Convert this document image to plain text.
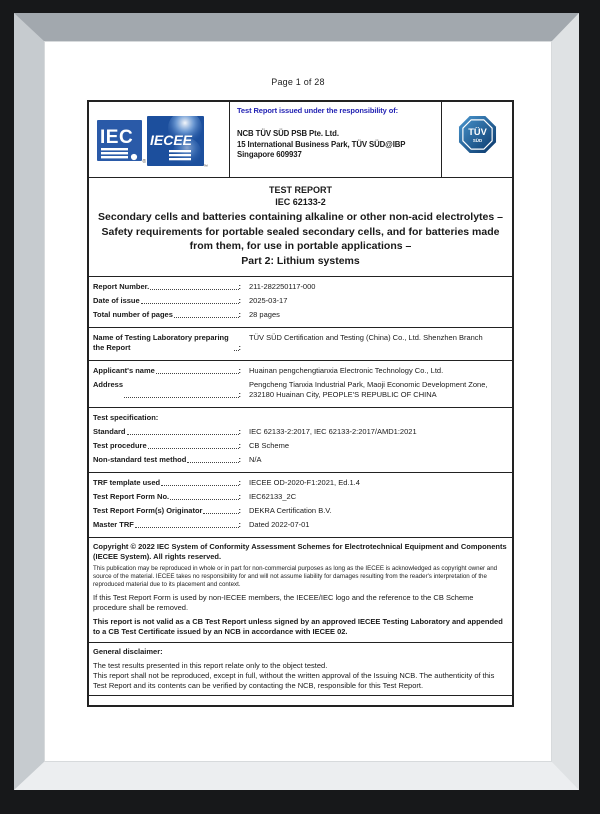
Page 1 of 28
IEC
®
IECEE
™
Test Report issued under the responsibility of:
NCB TÜV SÜD PSB Pte. Ltd.
15 International Business Park, TÜV SÜD@IBP
Singapore 609937
TÜV
SÜD
TEST REPORT
IEC 62133-2
Secondary cells and batteries containing alkaline or other non-acid electrolytes – Safety requirements for portable sealed secondary cells, and for batteries made from them, for use in portable applications –
Part 2: Lithium systems
Report Number.	:	211-282250117-000
Date of issue	:	2025-03-17
Total number of pages	:	28 pages
Name of Testing Laboratory preparing the Report	:
TÜV SÜD Certification and Testing (China) Co., Ltd. Shenzhen Branch
Applicant's name	:	Huainan pengchengtianxia Electronic Technology Co., Ltd.
Address
:
Pengcheng Tianxia Industrial Park, Maoji Economic Development Zone, 232180 Huainan City, PEOPLE'S REPUBLIC OF CHINA
Test specification:
Standard	:	IEC 62133-2:2017, IEC 62133-2:2017/AMD1:2021
Test procedure	:	CB Scheme
Non-standard test method	:	N/A
TRF template used	:	IECEE OD-2020-F1:2021, Ed.1.4
Test Report Form No.	:	IEC62133_2C
Test Report Form(s) Originator	:	DEKRA Certification B.V.
Master TRF	:	Dated 2022-07-01
Copyright © 2022 IEC System of Conformity Assessment Schemes for Electrotechnical Equipment and Components (IECEE System). All rights reserved.
This publication may be reproduced in whole or in part for non-commercial purposes as long as the IECEE is acknowledged as copyright owner and source of the material. IECEE takes no responsibility for and will not assume liability for damages resulting from the reader's interpretation of the reproduced material due to its placement and context.
If this Test Report Form is used by non-IECEE members, the IECEE/IEC logo and the reference to the CB Scheme procedure shall be removed.
This report is not valid as a CB Test Report unless signed by an approved IECEE Testing Laboratory and appended to a CB Test Certificate issued by an NCB in accordance with IECEE 02.
General disclaimer:
The test results presented in this report relate only to the object tested.
This report shall not be reproduced, except in full, without the written approval of the Issuing NCB. The authenticity of this Test Report and its contents can be verified by contacting the NCB, responsible for this Test Report.
